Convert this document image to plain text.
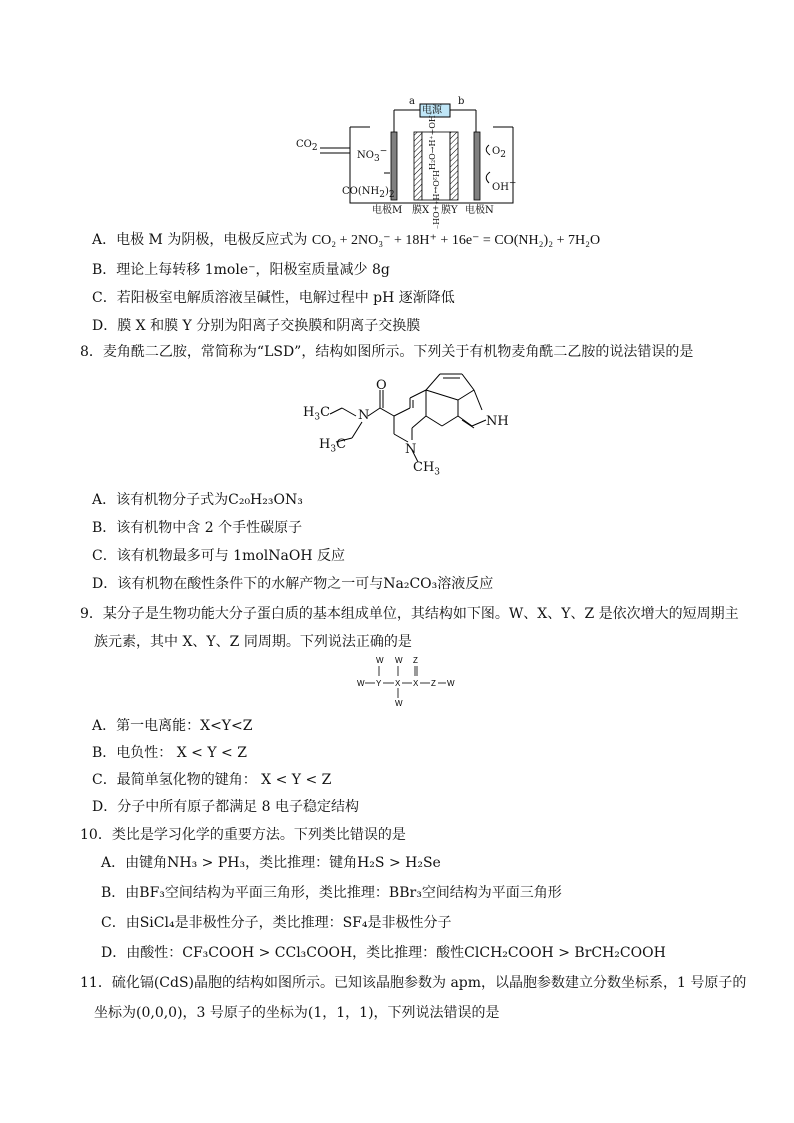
a	b
电源
$CO_2$
$NO_3^-$
$CO(NH_2)_2$
$O_2$
OH−
H₂O→H⁺+OH⁻
H₂O↔H⁺+OH⁻
电极M 膜X 膜Y 电极N
A．电极 M 为阴极，电极反应式为 CO₂ + 2NO₃⁻ + 18H⁺ + 16e⁻ = CO(NH₂)₂ + 7H₂O
B．理论上每转移 1mole⁻，阳极室质量减少 8g
C．若阳极室电解质溶液呈碱性，电解过程中 pH 逐渐降低
D．膜 X 和膜 Y 分别为阳离子交换膜和阴离子交换膜
8．麦角酰二乙胺，常简称为“LSD”，结构如图所示。下列关于有机物麦角酰二乙胺的说法错误的是
O
N
$H_3C$
$H_3C$
NH
N
$CH_3$
A．该有机物分子式为C₂₀H₂₃ON₃
B．该有机物中含 2 个手性碳原子
C．该有机物最多可与 1molNaOH 反应
D．该有机物在酸性条件下的水解产物之一可与Na₂CO₃溶液反应
9．某分子是生物功能大分子蛋白质的基本组成单位，其结构如下图。W、X、Y、Z 是依次增大的短周期主
族元素，其中 X、Y、Z 同周期。下列说法正确的是
W W Z
W Y X X Z W
W
A．第一电离能：X<Y<Z
B．电负性： X < Y < Z
C．最简单氢化物的键角： X < Y < Z
D．分子中所有原子都满足 8 电子稳定结构
10．类比是学习化学的重要方法。下列类比错误的是
A．由键角NH₃ > PH₃，类比推理：键角H₂S > H₂Se
B．由BF₃空间结构为平面三角形，类比推理：BBr₃空间结构为平面三角形
C．由SiCl₄是非极性分子，类比推理：SF₄是非极性分子
D．由酸性：CF₃COOH > CCl₃COOH，类比推理：酸性ClCH₂COOH > BrCH₂COOH
11．硫化镉(CdS)晶胞的结构如图所示。已知该晶胞参数为 apm，以晶胞参数建立分数坐标系，1 号原子的
坐标为(0,0,0)，3 号原子的坐标为(1，1，1)，下列说法错误的是
